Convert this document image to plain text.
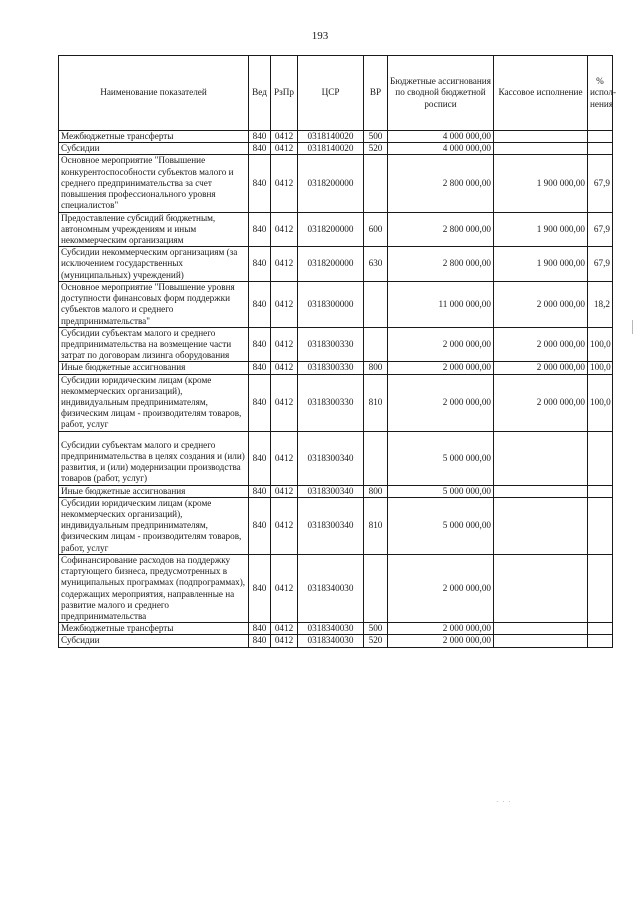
193
Наименование показателей	Вед	РзПр	ЦСР	ВР	Бюджетные ассигнования по сводной бюджетной росписи	Кассовое исполнение	% испол-нения
Межбюджетные трансферты	840	0412	0318140020	500	4 000 000,00		
Субсидии	840	0412	0318140020	520	4 000 000,00		
Основное мероприятие "Повышение конкурентоспособности субъектов малого и среднего предпринимательства за счет повышения профессионального уровня специалистов"	840	0412	0318200000		2 800 000,00	1 900 000,00	67,9
Предоставление субсидий бюджетным, автономным учреждениям и иным некоммерческим организациям	840	0412	0318200000	600	2 800 000,00	1 900 000,00	67,9
Субсидии некоммерческим организациям (за исключением государственных (муниципальных) учреждений)	840	0412	0318200000	630	2 800 000,00	1 900 000,00	67,9
Основное мероприятие "Повышение уровня доступности финансовых форм поддержки субъектов малого и среднего предпринимательства"	840	0412	0318300000		11 000 000,00	2 000 000,00	18,2
Субсидии субъектам малого и среднего предпринимательства на возмещение части затрат по договорам лизинга оборудования	840	0412	0318300330		2 000 000,00	2 000 000,00	100,0
Иные бюджетные ассигнования	840	0412	0318300330	800	2 000 000,00	2 000 000,00	100,0
Субсидии юридическим лицам (кроме некоммерческих организаций), индивидуальным предпринимателям, физическим лицам - производителям товаров, работ, услуг	840	0412	0318300330	810	2 000 000,00	2 000 000,00	100,0
Субсидии субъектам малого и среднего предпринимательства в целях создания и (или) развития, и (или) модернизации производства товаров (работ, услуг)	840	0412	0318300340		5 000 000,00		
Иные бюджетные ассигнования	840	0412	0318300340	800	5 000 000,00		
Субсидии юридическим лицам (кроме некоммерческих организаций), индивидуальным предпринимателям, физическим лицам - производителям товаров, работ, услуг	840	0412	0318300340	810	5 000 000,00		
Софинансирование расходов на поддержку стартующего бизнеса, предусмотренных в муниципальных программах (подпрограммах), содержащих мероприятия, направленные на развитие малого и среднего предпринимательства	840	0412	0318340030		2 000 000,00		
Межбюджетные трансферты	840	0412	0318340030	500	2 000 000,00		
Субсидии	840	0412	0318340030	520	2 000 000,00		
· · ·
